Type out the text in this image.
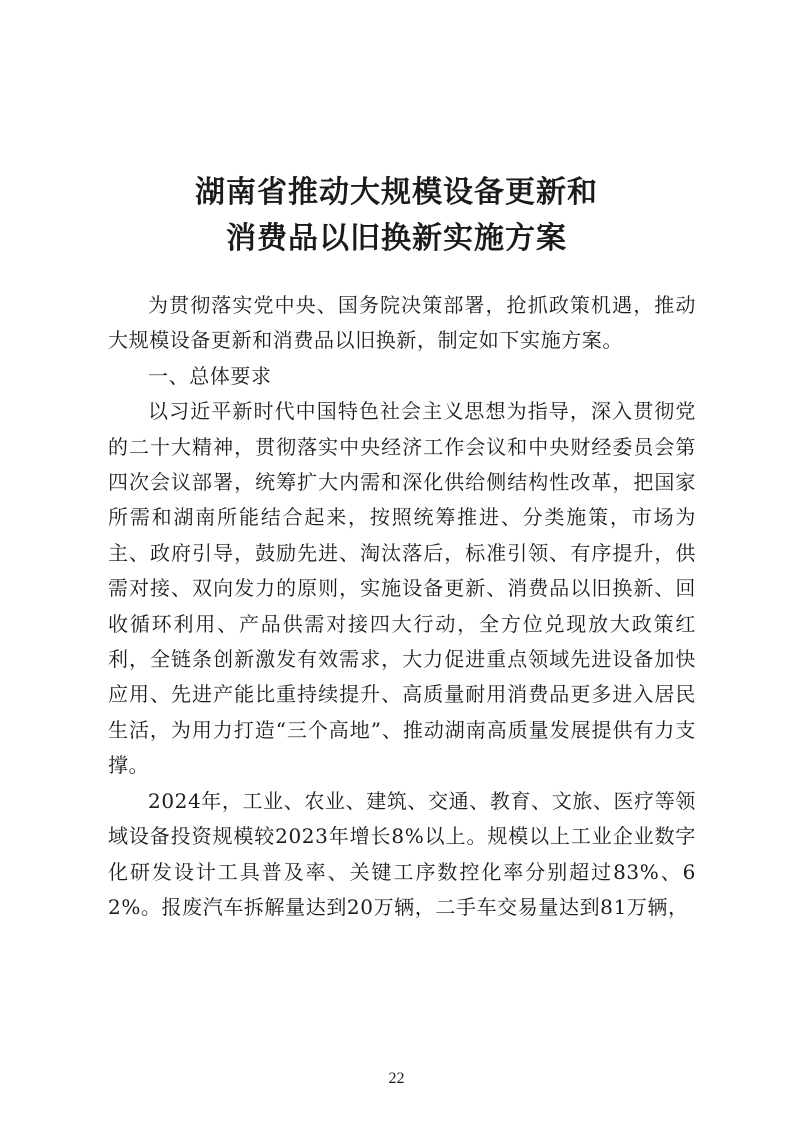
湖南省推动大规模设备更新和
消费品以旧换新实施方案

为贯彻落实党中央、国务院决策部署，抢抓政策机遇，推动大规模设备更新和消费品以旧换新，制定如下实施方案。

一、总体要求

以习近平新时代中国特色社会主义思想为指导，深入贯彻党的二十大精神，贯彻落实中央经济工作会议和中央财经委员会第四次会议部署，统筹扩大内需和深化供给侧结构性改革，把国家所需和湖南所能结合起来，按照统筹推进、分类施策，市场为主、政府引导，鼓励先进、淘汰落后，标准引领、有序提升，供需对接、双向发力的原则，实施设备更新、消费品以旧换新、回收循环利用、产品供需对接四大行动，全方位兑现放大政策红利，全链条创新激发有效需求，大力促进重点领域先进设备加快应用、先进产能比重持续提升、高质量耐用消费品更多进入居民生活，为用力打造“三个高地”、推动湖南高质量发展提供有力支撑。

2024年，工业、农业、建筑、交通、教育、文旅、医疗等领域设备投资规模较2023年增长8%以上。规模以上工业企业数字化研发设计工具普及率、关键工序数控化率分别超过83%、62%。报废汽车拆解量达到20万辆，二手车交易量达到81万辆，

22
